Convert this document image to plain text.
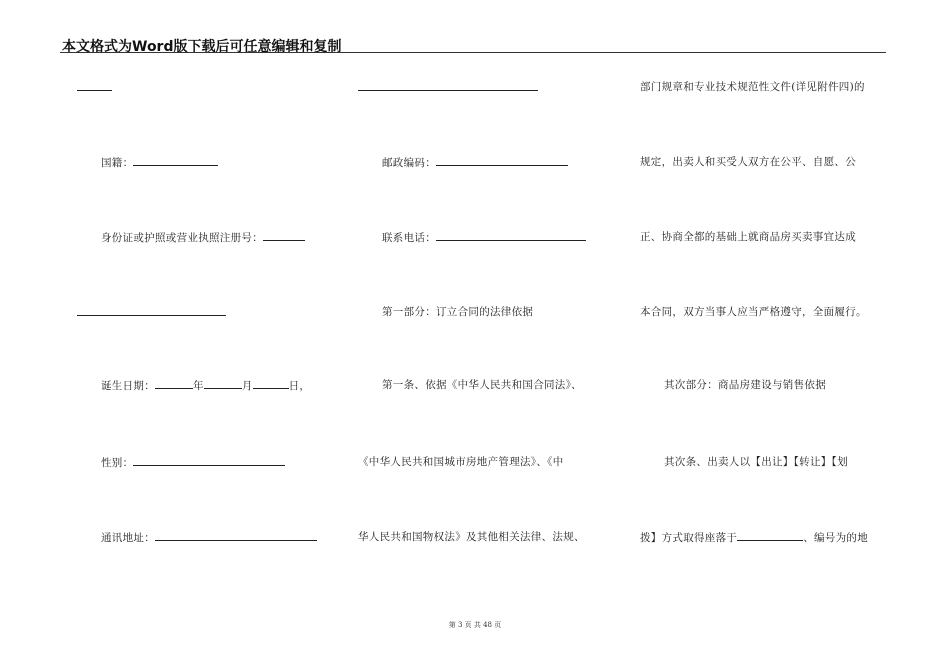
本文格式为Word版下载后可任意编辑和复制
国籍：
身份证或护照或营业执照注册号：
诞生日期：	年	月	日，
性别：
通讯地址：
邮政编码：
联系电话：
第一部分：订立合同的法律依据
第一条、依据《中华人民共和国合同法》、
《中华人民共和国城市房地产管理法》、《中
华人民共和国物权法》及其他相关法律、法规、
部门规章和专业技术规范性文件(详见附件四)的
规定，出卖人和买受人双方在公平、自愿、公
正、协商全都的基础上就商品房买卖事宜达成
本合同，双方当事人应当严格遵守，全面履行。
其次部分：商品房建设与销售依据
其次条、出卖人以【出让】【转让】【划
拨】方式取得座落于	、编号为的地
第 3 页 共 48 页
